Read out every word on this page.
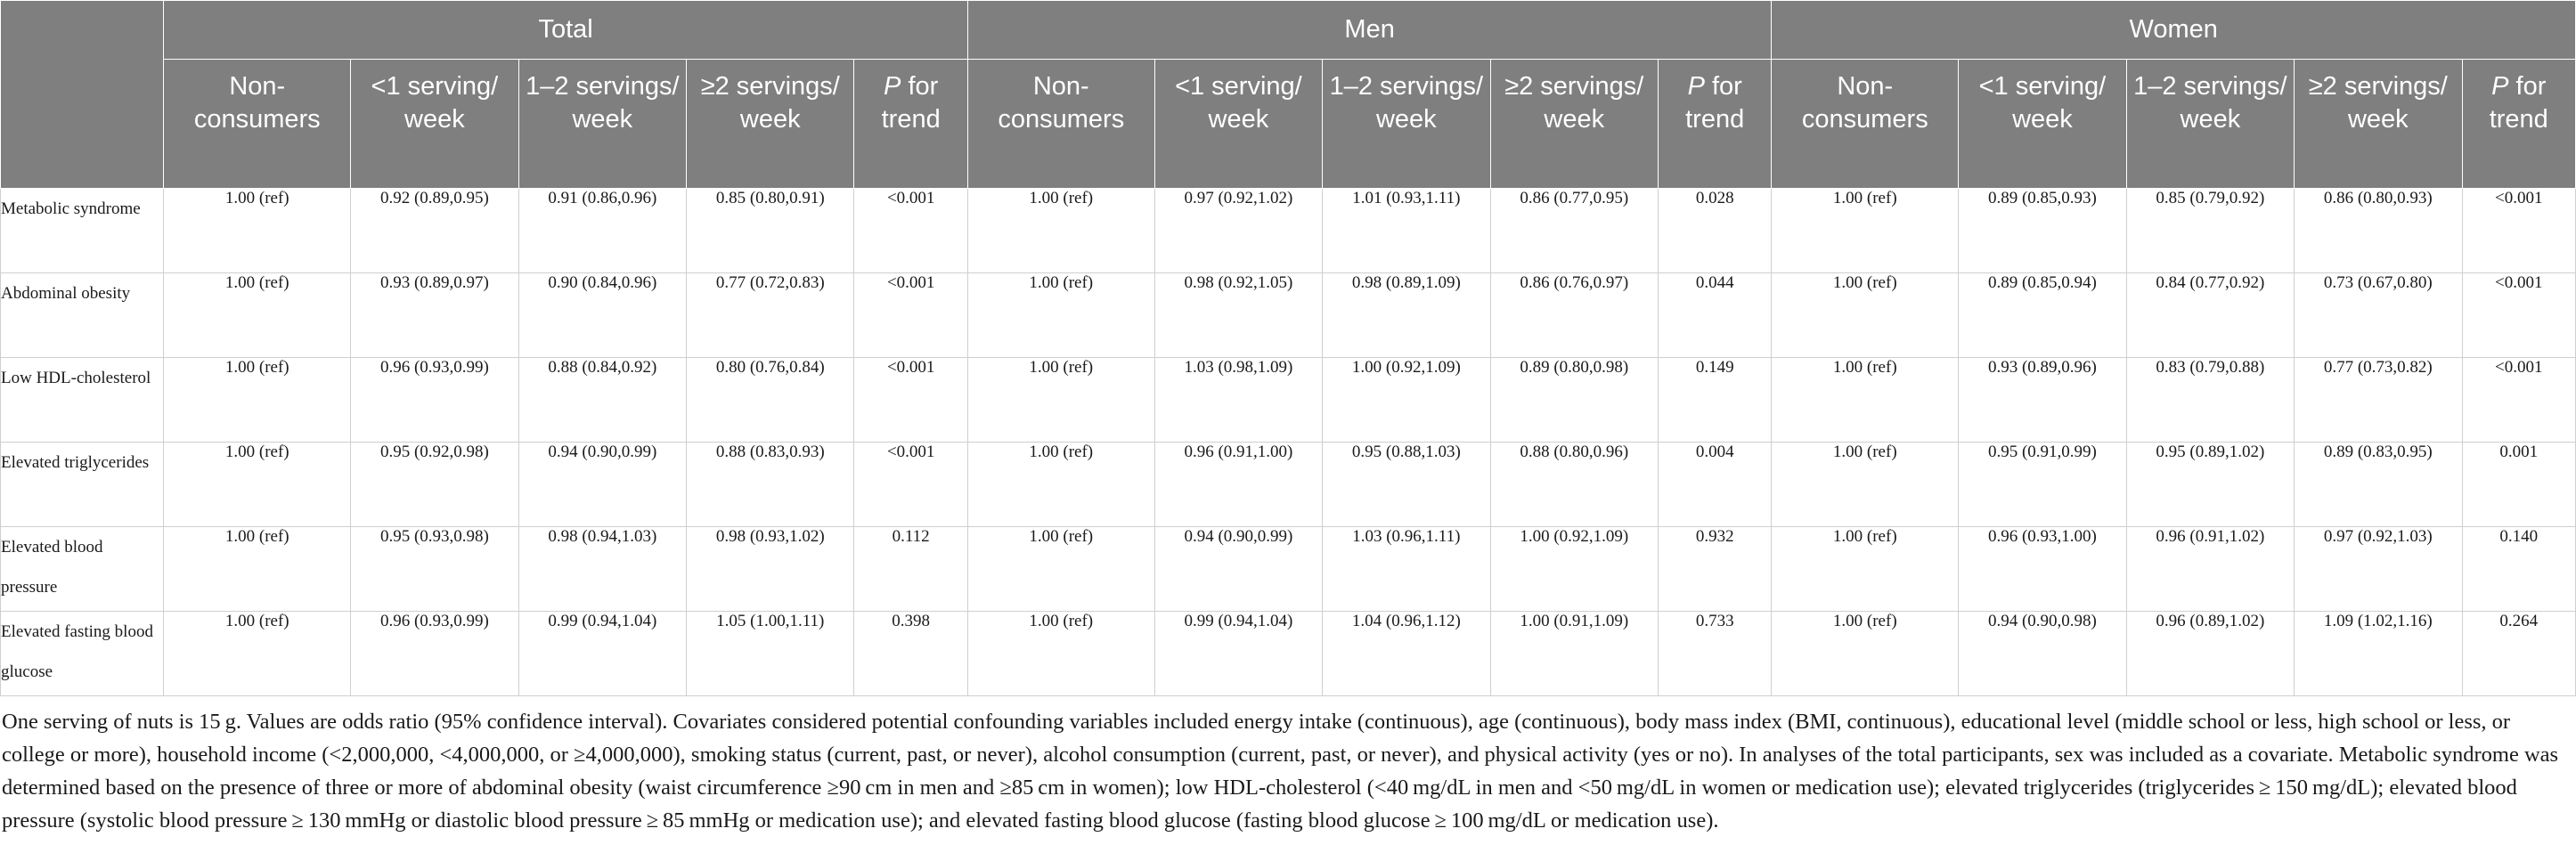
	Total					Men					Women				
	Non-consumers	<1 serving/ week	1–2 servings/ week	≥2 servings/ week	P for trend	Non-consumers	<1 serving/ week	1–2 servings/ week	≥2 servings/ week	P for trend	Non-consumers	<1 serving/ week	1–2 servings/ week	≥2 servings/ week	P for trend
Metabolic syndrome	1.00 (ref)	0.92 (0.89,0.95)	0.91 (0.86,0.96)	0.85 (0.80,0.91)	<0.001	1.00 (ref)	0.97 (0.92,1.02)	1.01 (0.93,1.11)	0.86 (0.77,0.95)	0.028	1.00 (ref)	0.89 (0.85,0.93)	0.85 (0.79,0.92)	0.86 (0.80,0.93)	<0.001
Abdominal obesity	1.00 (ref)	0.93 (0.89,0.97)	0.90 (0.84,0.96)	0.77 (0.72,0.83)	<0.001	1.00 (ref)	0.98 (0.92,1.05)	0.98 (0.89,1.09)	0.86 (0.76,0.97)	0.044	1.00 (ref)	0.89 (0.85,0.94)	0.84 (0.77,0.92)	0.73 (0.67,0.80)	<0.001
Low HDL-cholesterol	1.00 (ref)	0.96 (0.93,0.99)	0.88 (0.84,0.92)	0.80 (0.76,0.84)	<0.001	1.00 (ref)	1.03 (0.98,1.09)	1.00 (0.92,1.09)	0.89 (0.80,0.98)	0.149	1.00 (ref)	0.93 (0.89,0.96)	0.83 (0.79,0.88)	0.77 (0.73,0.82)	<0.001
Elevated triglycerides	1.00 (ref)	0.95 (0.92,0.98)	0.94 (0.90,0.99)	0.88 (0.83,0.93)	<0.001	1.00 (ref)	0.96 (0.91,1.00)	0.95 (0.88,1.03)	0.88 (0.80,0.96)	0.004	1.00 (ref)	0.95 (0.91,0.99)	0.95 (0.89,1.02)	0.89 (0.83,0.95)	0.001
Elevated blood pressure	1.00 (ref)	0.95 (0.93,0.98)	0.98 (0.94,1.03)	0.98 (0.93,1.02)	0.112	1.00 (ref)	0.94 (0.90,0.99)	1.03 (0.96,1.11)	1.00 (0.92,1.09)	0.932	1.00 (ref)	0.96 (0.93,1.00)	0.96 (0.91,1.02)	0.97 (0.92,1.03)	0.140
Elevated fasting blood glucose	1.00 (ref)	0.96 (0.93,0.99)	0.99 (0.94,1.04)	1.05 (1.00,1.11)	0.398	1.00 (ref)	0.99 (0.94,1.04)	1.04 (0.96,1.12)	1.00 (0.91,1.09)	0.733	1.00 (ref)	0.94 (0.90,0.98)	0.96 (0.89,1.02)	1.09 (1.02,1.16)	0.264
One serving of nuts is 15 g. Values are odds ratio (95% confidence interval). Covariates considered potential confounding variables included energy intake (continuous), age (continuous), body mass index (BMI, continuous), educational level (middle school or less, high school or less, or college or more), household income (<2,000,000, <4,000,000, or ≥4,000,000), smoking status (current, past, or never), alcohol consumption (current, past, or never), and physical activity (yes or no). In analyses of the total participants, sex was included as a covariate. Metabolic syndrome was determined based on the presence of three or more of abdominal obesity (waist circumference ≥90 cm in men and ≥85 cm in women); low HDL-cholesterol (<40 mg/dL in men and <50 mg/dL in women or medication use); elevated triglycerides (triglycerides ≥ 150 mg/dL); elevated blood pressure (systolic blood pressure ≥ 130 mmHg or diastolic blood pressure ≥ 85 mmHg or medication use); and elevated fasting blood glucose (fasting blood glucose ≥ 100 mg/dL or medication use).
